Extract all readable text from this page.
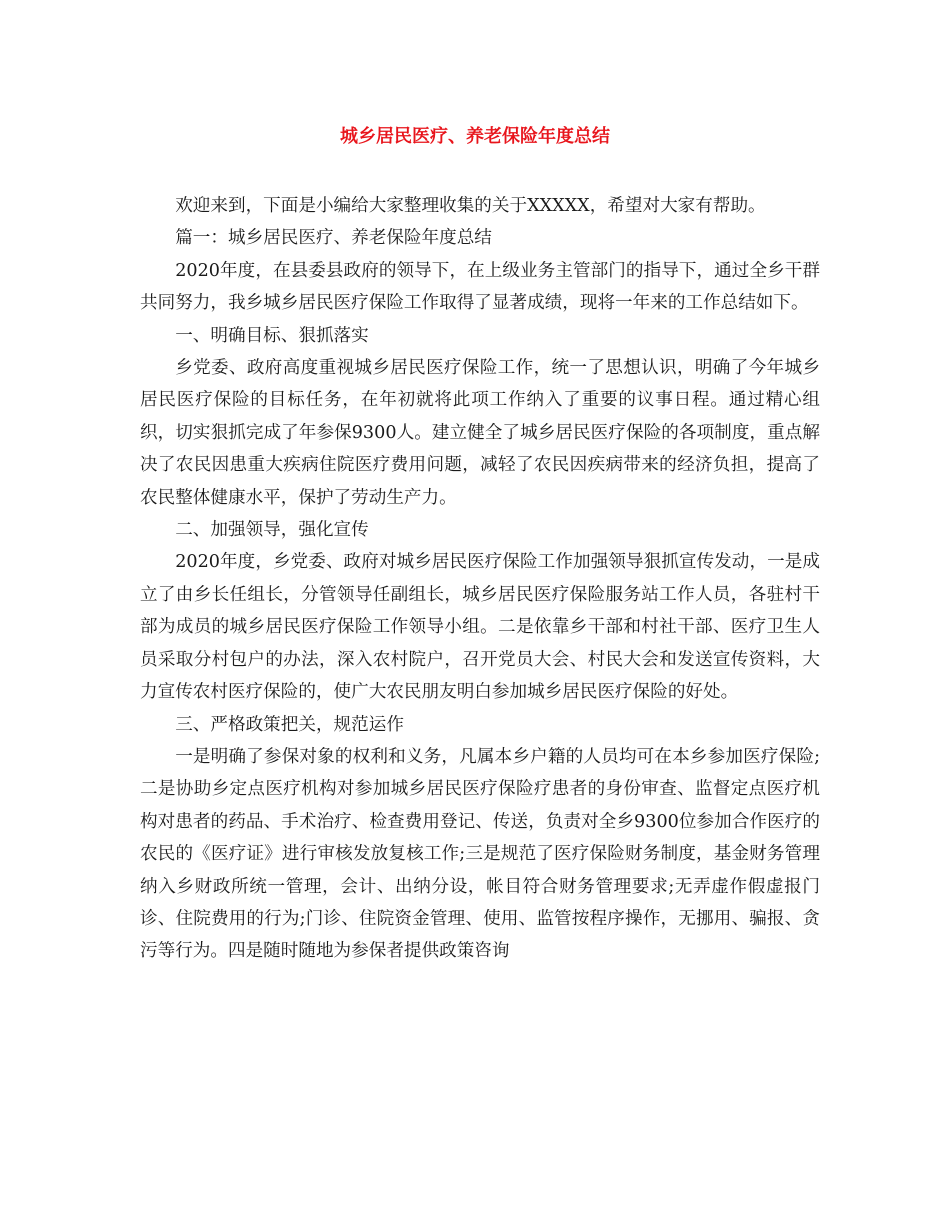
城乡居民医疗、养老保险年度总结

欢迎来到，下面是小编给大家整理收集的关于XXXXX，希望对大家有帮助。

篇一：城乡居民医疗、养老保险年度总结

2020年度，在县委县政府的领导下，在上级业务主管部门的指导下，通过全乡干群共同努力，我乡城乡居民医疗保险工作取得了显著成绩，现将一年来的工作总结如下。

一、明确目标、狠抓落实

乡党委、政府高度重视城乡居民医疗保险工作，统一了思想认识，明确了今年城乡居民医疗保险的目标任务，在年初就将此项工作纳入了重要的议事日程。通过精心组织，切实狠抓完成了年参保9300人。建立健全了城乡居民医疗保险的各项制度，重点解决了农民因患重大疾病住院医疗费用问题，减轻了农民因疾病带来的经济负担，提高了农民整体健康水平，保护了劳动生产力。

二、加强领导，强化宣传

2020年度，乡党委、政府对城乡居民医疗保险工作加强领导狠抓宣传发动，一是成立了由乡长任组长，分管领导任副组长，城乡居民医疗保险服务站工作人员，各驻村干部为成员的城乡居民医疗保险工作领导小组。二是依靠乡干部和村社干部、医疗卫生人员采取分村包户的办法，深入农村院户，召开党员大会、村民大会和发送宣传资料，大力宣传农村医疗保险的，使广大农民朋友明白参加城乡居民医疗保险的好处。

三、严格政策把关，规范运作

一是明确了参保对象的权利和义务，凡属本乡户籍的人员均可在本乡参加医疗保险;二是协助乡定点医疗机构对参加城乡居民医疗保险疗患者的身份审查、监督定点医疗机构对患者的药品、手术治疗、检查费用登记、传送，负责对全乡9300位参加合作医疗的农民的《医疗证》进行审核发放复核工作;三是规范了医疗保险财务制度，基金财务管理纳入乡财政所统一管理，会计、出纳分设，帐目符合财务管理要求;无弄虚作假虚报门诊、住院费用的行为;门诊、住院资金管理、使用、监管按程序操作，无挪用、骗报、贪污等行为。四是随时随地为参保者提供政策咨询
